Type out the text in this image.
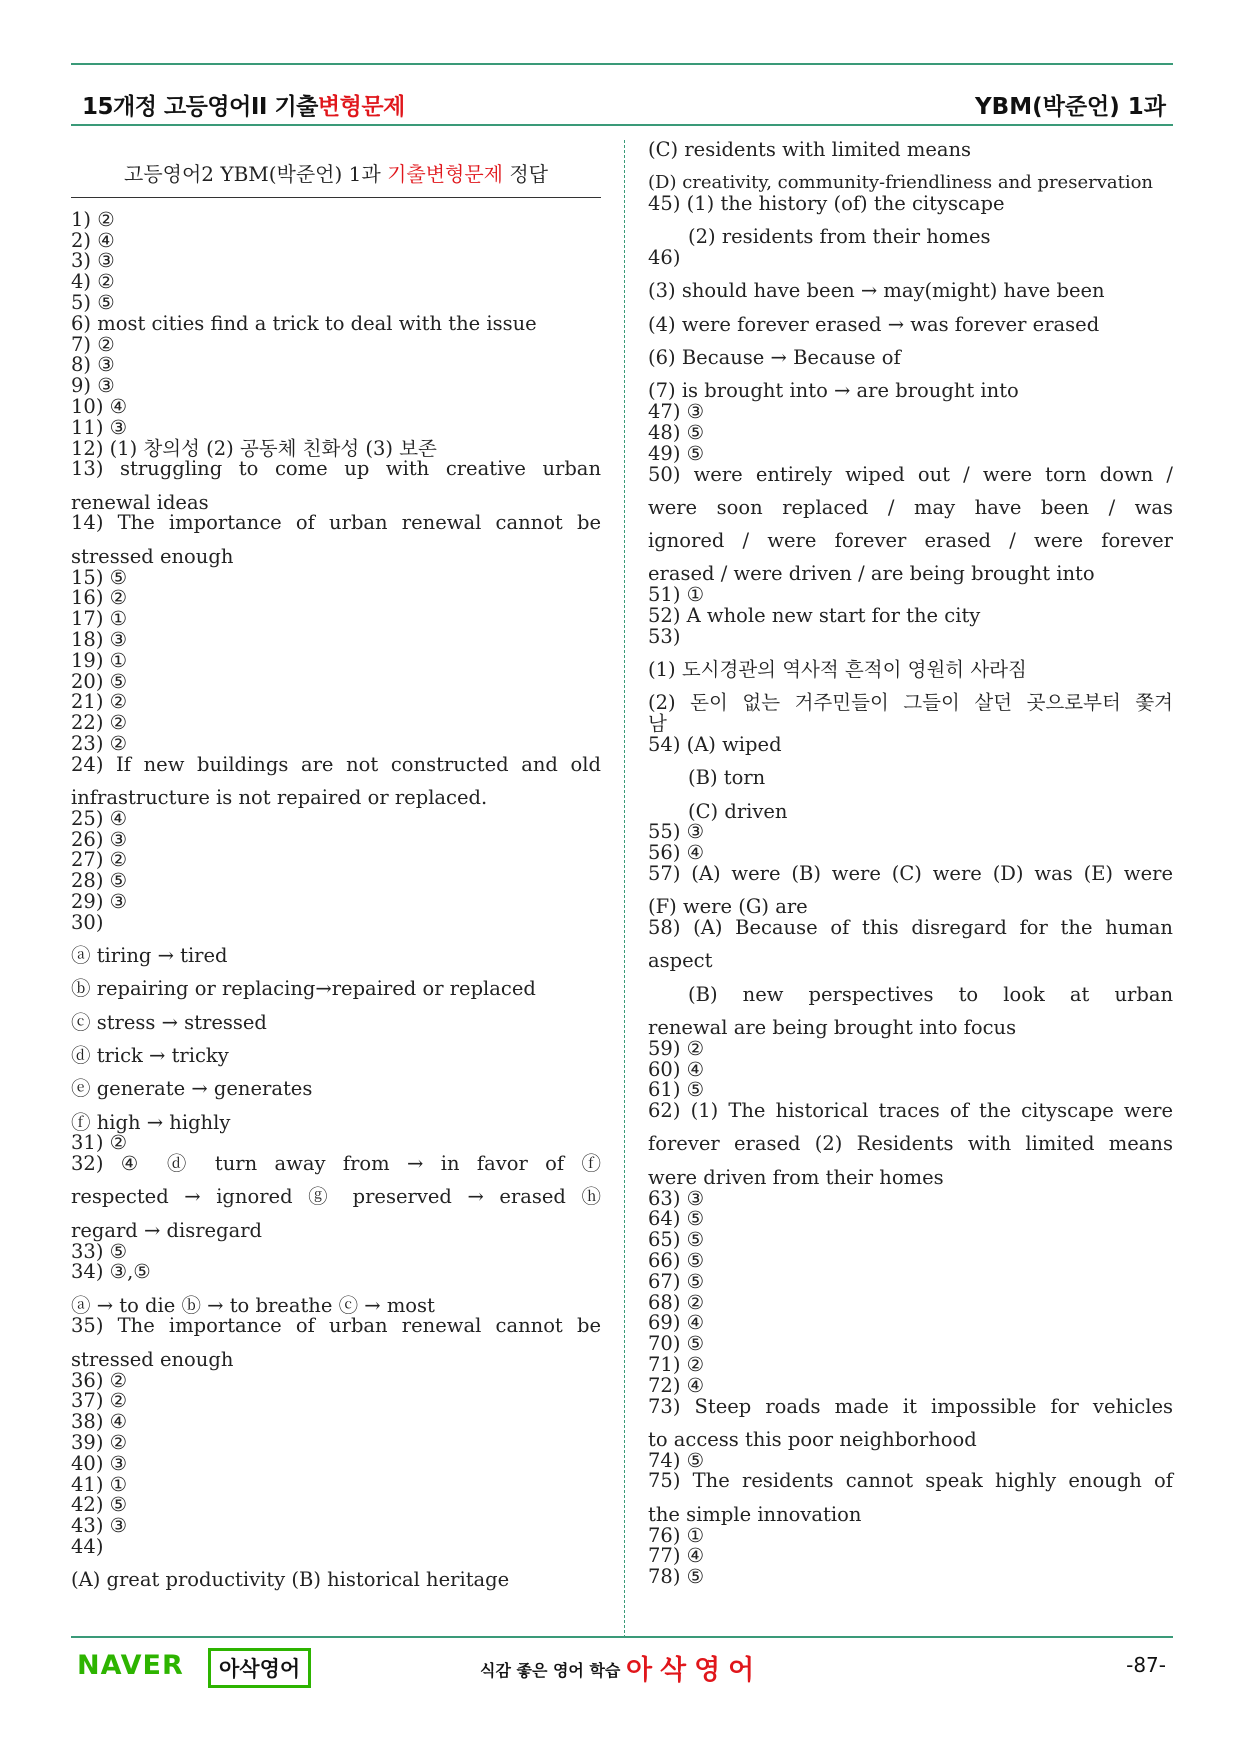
15개정 고등영어II 기출변형문제	YBM(박준언) 1과
고등영어2 YBM(박준언) 1과 기출변형문제 정답
1) ②
2) ④
3) ③
4) ②
5) ⑤
6) most cities find a trick to deal with the issue
7) ②
8) ③
9) ③
10) ④
11) ③
12) (1) 창의성 (2) 공동체 친화성 (3) 보존
13) struggling to come up with creative urban
renewal ideas
14) The importance of urban renewal cannot be
stressed enough
15) ⑤
16) ②
17) ①
18) ③
19) ①
20) ⑤
21) ②
22) ②
23) ②
24) If new buildings are not constructed and old
infrastructure is not repaired or replaced.
25) ④
26) ③
27) ②
28) ⑤
29) ③
30)
ⓐ tiring → tired
ⓑ repairing or replacing→repaired or replaced
ⓒ stress → stressed
ⓓ trick → tricky
ⓔ generate → generates
ⓕ high → highly
31) ②
32) ④ ⓓ turn away from → in favor of ⓕ
respected → ignored ⓖ preserved → erased ⓗ
regard → disregard
33) ⑤
34) ③,⑤
ⓐ → to die ⓑ → to breathe ⓒ → most
35) The importance of urban renewal cannot be
stressed enough
36) ②
37) ②
38) ④
39) ②
40) ③
41) ①
42) ⑤
43) ③
44)
(A) great productivity (B) historical heritage
(C) residents with limited means
(D) creativity, community-friendliness and preservation
45) (1) the history (of) the cityscape
(2) residents from their homes
46)
(3) should have been → may(might) have been
(4) were forever erased → was forever erased
(6) Because → Because of
(7) is brought into → are brought into
47) ③
48) ⑤
49) ⑤
50) were entirely wiped out / were torn down /
were soon replaced / may have been / was
ignored / were forever erased / were forever
erased / were driven / are being brought into
51) ①
52) A whole new start for the city
53)
(1) 도시경관의 역사적 흔적이 영원히 사라짐
(2) 돈이 없는 거주민들이 그들이 살던 곳으로부터 쫓겨
남
54) (A) wiped
(B) torn
(C) driven
55) ③
56) ④
57) (A) were (B) were (C) were (D) was (E) were
(F) were (G) are
58) (A) Because of this disregard for the human
aspect
(B) new perspectives to look at urban
renewal are being brought into focus
59) ②
60) ④
61) ⑤
62) (1) The historical traces of the cityscape were
forever erased (2) Residents with limited means
were driven from their homes
63) ③
64) ⑤
65) ⑤
66) ⑤
67) ⑤
68) ②
69) ④
70) ⑤
71) ②
72) ④
73) Steep roads made it impossible for vehicles
to access this poor neighborhood
74) ⑤
75) The residents cannot speak highly enough of
the simple innovation
76) ①
77) ④
78) ⑤
NAVER	아삭영어	식감 좋은 영어 학습 아삭영어	-87-
